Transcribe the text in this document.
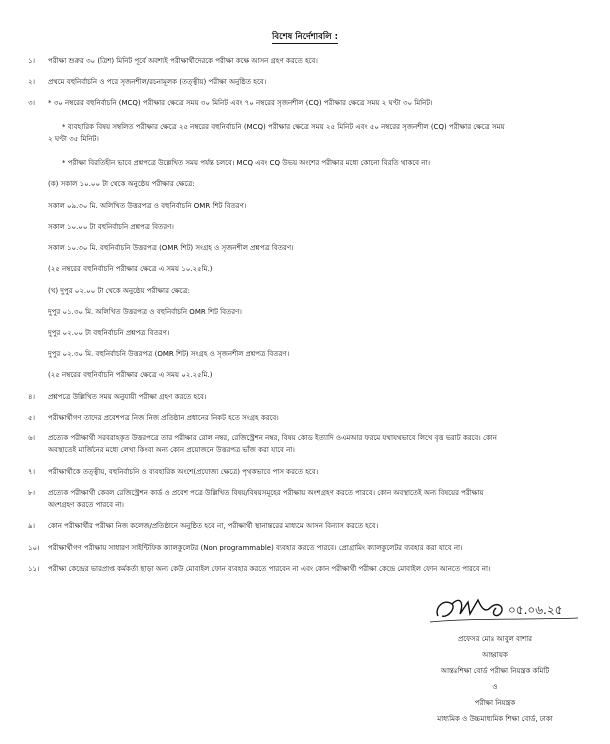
বিশেষ নির্দেশাবলি :
১।	পরীক্ষা শুরুর ৩০ (ত্রিশ) মিনিট পূর্বে অবশ্যই পরীক্ষার্থীদেরকে পরীক্ষা কক্ষে আসন গ্রহণ করতে হবে।
২।	প্রথমে বহুনির্বাচনি ও পরে সৃজনশীল/রচনামূলক (তত্ত্বীয়) পরীক্ষা অনুষ্ঠিত হবে।
৩।	* ৩০ নম্বরের বহুনির্বাচনি (MCQ) পরীক্ষার ক্ষেত্রে সময় ৩০ মিনিট এবং ৭০ নম্বরের সৃজনশীল (CQ) পরীক্ষার ক্ষেত্রে সময় ২ ঘণ্টা ৩০ মিনিট।
* ব্যবহারিক বিষয় সম্বলিত পরীক্ষার ক্ষেত্রে ২৫ নম্বরের বহুনির্বাচনি (MCQ) পরীক্ষার ক্ষেত্রে সময় ২৫ মিনিট এবং ৫০ নম্বরের সৃজনশীল (CQ) পরীক্ষার ক্ষেত্রে সময়
২ ঘণ্টা ৩৫ মিনিট।
* পরীক্ষা বিরতিহীন ভাবে প্রশ্নপত্রে উল্লেখিত সময় পর্যন্ত চলবে। MCQ এবং CQ উভয় অংশের পরীক্ষার মধ্যে কোনো বিরতি থাকবে না।
(ক) সকাল ১০.০০ টা থেকে অনুষ্ঠেয় পরীক্ষার ক্ষেত্রে:
সকাল ০৯.৩০ মি. অলিখিত উত্তরপত্র ও বহুনির্বাচনি OMR শিট বিতরণ।
সকাল ১০.০০ টা বহুনির্বাচনি প্রশ্নপত্র বিতরণ।
সকাল ১০.৩০ মি. বহুনির্বাচনি উত্তরপত্র (OMR শিট) সংগ্রহ ও সৃজনশীল প্রশ্নপত্র বিতরণ।
(২৫ নম্বরের বহুনির্বাচনি পরীক্ষার ক্ষেত্রে এ সময় ১০.২৫মি.)
(খ) দুপুর ০২.০০ টা থেকে অনুষ্ঠেয় পরীক্ষার ক্ষেত্রে:
দুপুর ০১.৩০ মি. অলিখিত উত্তরপত্র ও বহুনির্বাচনি OMR শিট বিতরণ।
দুপুর ০২.০০ টা বহুনির্বাচনি প্রশ্নপত্র বিতরণ।
দুপুর ০২.৩০ মি. বহুনির্বাচনি উত্তরপত্র (OMR শিট) সংগ্রহ ও সৃজনশীল প্রশ্নপত্র বিতরণ।
(২৫ নম্বরের বহুনির্বাচনি পরীক্ষার ক্ষেত্রে এ সময় ০২.২৫মি.)
৪।	প্রশ্নপত্রে উল্লিখিত সময় অনুযায়ী পরীক্ষা গ্রহণ করতে হবে।
৫।	পরীক্ষার্থীগণ তাদের প্রবেশপত্র নিজ নিজ প্রতিষ্ঠান প্রধানের নিকট হতে সংগ্রহ করবে।
৬।	প্রত্যেক পরীক্ষার্থী সরবরাহকৃত উত্তরপত্রে তার পরীক্ষার রোল নম্বর, রেজিস্ট্রেশন নম্বর, বিষয় কোড ইত্যাদি ওএমআর ফরমে যথাযথভাবে লিখে বৃত্ত ভরাট করবে। কোন
অবস্থাতেই মার্জিনের মধ্যে লেখা কিংবা অন্য কোন প্রয়োজনে উত্তরপত্র ভাঁজ করা যাবে না।
৭।	পরীক্ষার্থীকে তত্ত্বীয়, বহুনির্বাচনি ও ব্যবহারিক অংশে(প্রযোজ্য ক্ষেত্রে) পৃথকভাবে পাস করতে হবে।
৮।	প্রত্যেক পরীক্ষার্থী কেবল রেজিস্ট্রেশন কার্ড ও প্রবেশ পত্রে উল্লিখিত বিষয়/বিষয়সমূহের পরীক্ষায় অংশগ্রহণ করতে পারবে। কোন অবস্থাতেই অন্য বিষয়ের পরীক্ষায়
অংশগ্রহণ করতে পারবে না।
৯।	কোন পরীক্ষার্থীর পরীক্ষা নিজ কলেজ/প্রতিষ্ঠানে অনুষ্ঠিত হবে না, পরীক্ষার্থী স্থানান্তরের মাধ্যমে আসন বিন্যাস করতে হবে।
১০।	পরীক্ষার্থীগণ পরীক্ষায় সাধারণ সাইন্টিফিক ক্যালকুলেটর (Non programmable) ব্যবহার করতে পারবে। প্রোগ্রামিং ক্যালকুলেটর ব্যবহার করা যাবে না।
১১।	পরীক্ষা কেন্দ্রের ভারপ্রাপ্ত কর্মকর্তা ছাড়া অন্য কেউ মোবাইল ফোন ব্যবহার করতে পারবেন না এবং কোন পরীক্ষার্থী পরীক্ষা কেন্দ্রে মোবাইল ফোন আনতে পারবে না।
০৫.০৬.২৫
প্রফেসর মোঃ আবুল বাশার
আহ্বায়ক
আন্তঃশিক্ষা বোর্ড পরীক্ষা নিয়ন্ত্রক কমিটি
ও
পরীক্ষা নিয়ন্ত্রক
মাধ্যমিক ও উচ্চমাধ্যমিক শিক্ষা বোর্ড, ঢাকা
